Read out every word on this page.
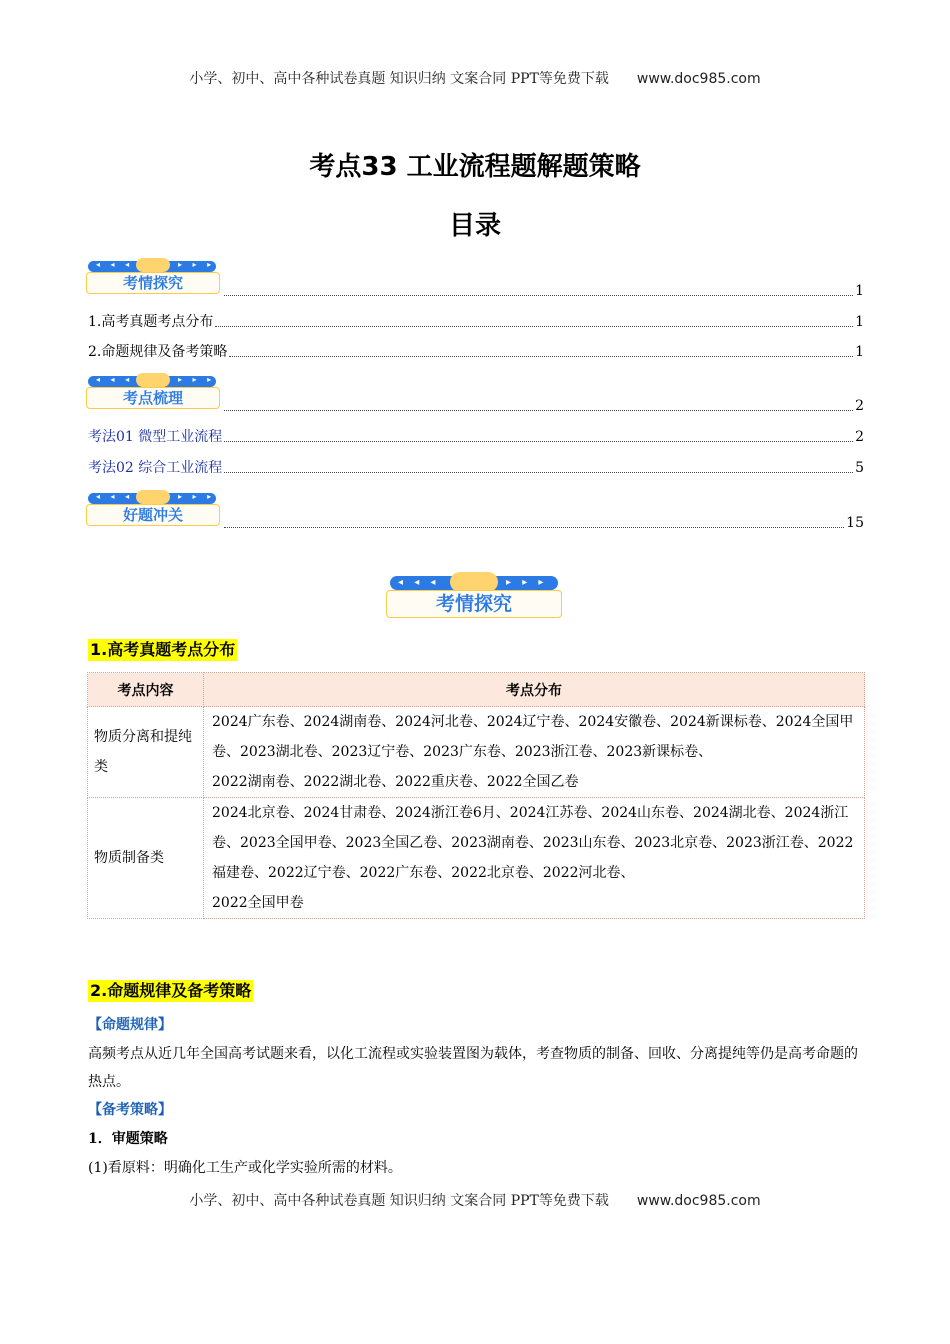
小学、初中、高中各种试卷真题 知识归纳 文案合同 PPT等免费下载 www.doc985.com
考点33 工业流程题解题策略
目录
◂ ◂ ◂	▸ ▸ ▸
考情探究	1
1.高考真题考点分布	1
2.命题规律及备考策略	1
◂ ◂ ◂	▸ ▸ ▸
考点梳理	2
考法01 微型工业流程	2
考法02 综合工业流程	5
◂ ◂ ◂	▸ ▸ ▸
好题冲关	15
◂ ◂ ◂	▸ ▸ ▸
考情探究
1.高考真题考点分布
考点内容	考点分布
物质分离和提纯类	2024广东卷、2024湖南卷、2024河北卷、2024辽宁卷、2024安徽卷、2024新课标卷、2024全国甲卷、2023湖北卷、2023辽宁卷、2023广东卷、2023浙江卷、2023新课标卷、
2022湖南卷、2022湖北卷、2022重庆卷、2022全国乙卷

物质制备类	2024北京卷、2024甘肃卷、2024浙江卷6月、2024江苏卷、2024山东卷、2024湖北卷、2024浙江卷、2023全国甲卷、2023全国乙卷、2023湖南卷、2023山东卷、2023北京卷、2023浙江卷、2022福建卷、2022辽宁卷、2022广东卷、2022北京卷、2022河北卷、
2022全国甲卷
2.命题规律及备考策略
【命题规律】
高频考点从近几年全国高考试题来看，以化工流程或实验装置图为载体，考查物质的制备、回收、分离提纯等仍是高考命题的热点。
【备考策略】
1．审题策略
(1)看原料：明确化工生产或化学实验所需的材料。
小学、初中、高中各种试卷真题 知识归纳 文案合同 PPT等免费下载 www.doc985.com
